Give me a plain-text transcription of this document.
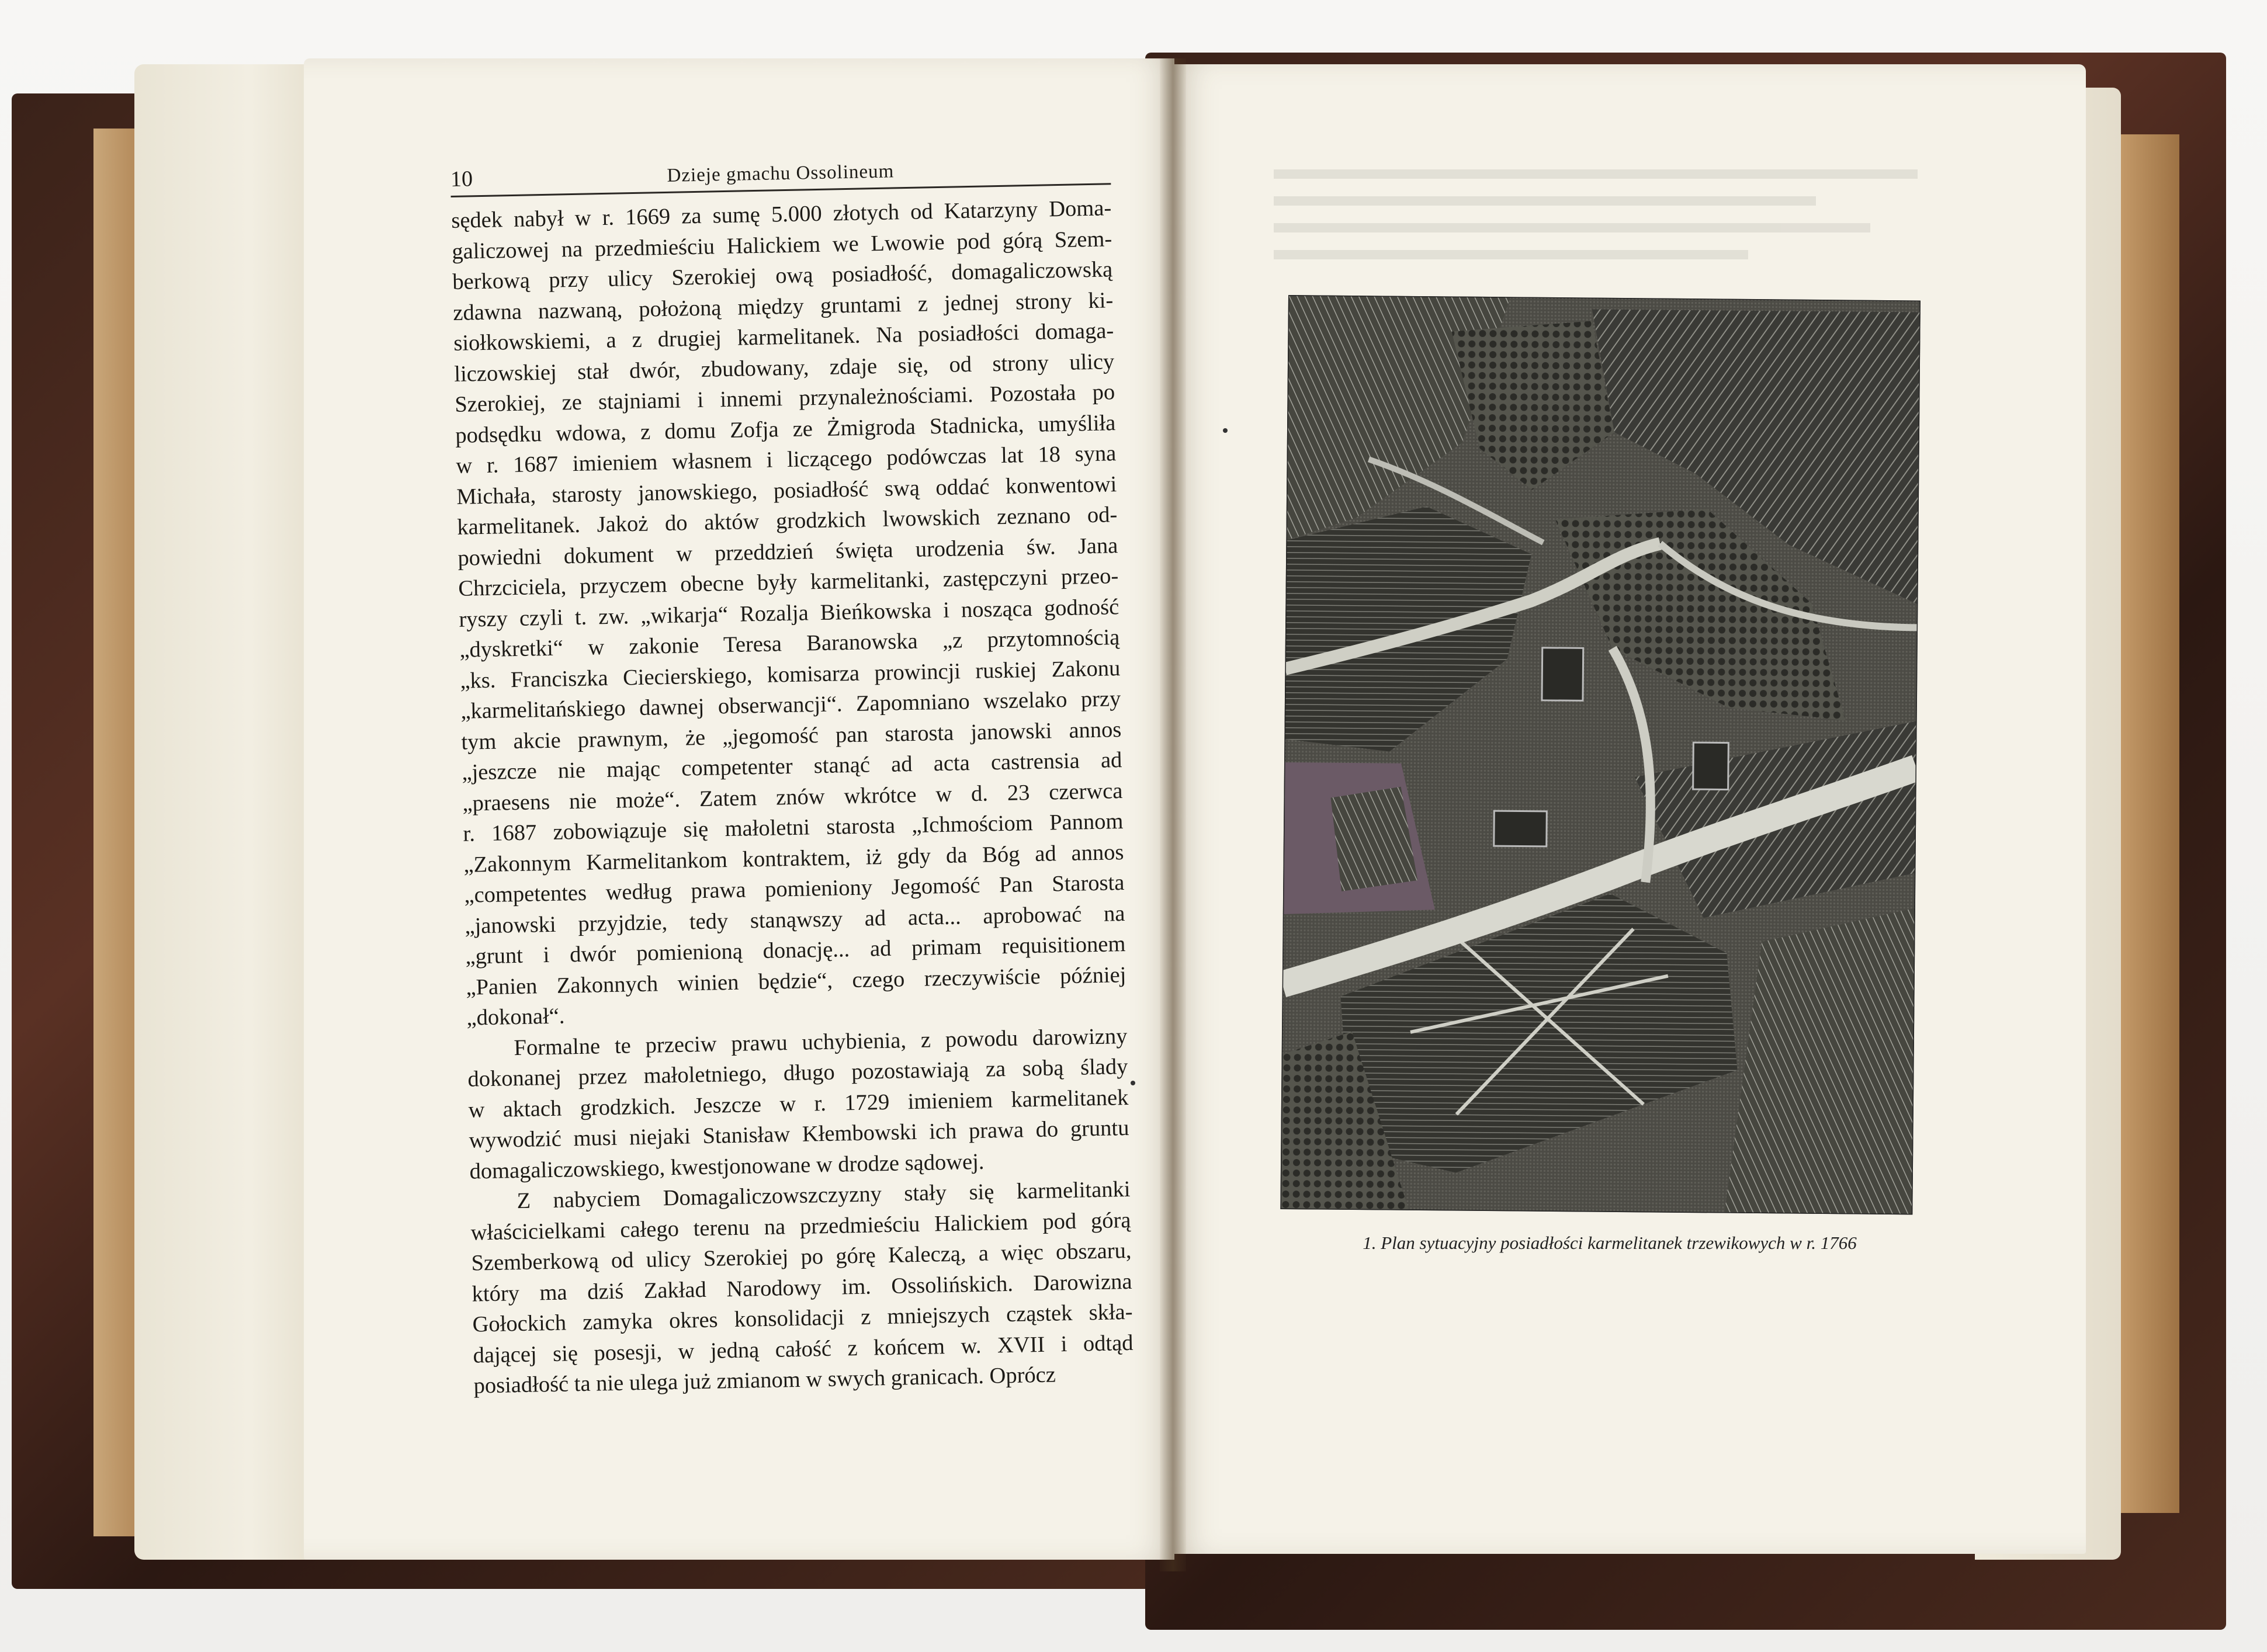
10	Dzieje gmachu Ossolineum
sędek nabył w r. 1669 za sumę 5.000 złotych od Katarzyny Doma-
galiczowej na przedmieściu Halickiem we Lwowie pod górą Szem-
berkową przy ulicy Szerokiej ową posiadłość, domagaliczowską
zdawna nazwaną, położoną między gruntami z jednej strony ki-
siołkowskiemi, a z drugiej karmelitanek. Na posiadłości domaga-
liczowskiej stał dwór, zbudowany, zdaje się, od strony ulicy
Szerokiej, ze stajniami i innemi przynależnościami. Pozostała po
podsędku wdowa, z domu Zofja ze Żmigroda Stadnicka, umyśliła
w r. 1687 imieniem własnem i liczącego podówczas lat 18 syna
Michała, starosty janowskiego, posiadłość swą oddać konwentowi
karmelitanek. Jakoż do aktów grodzkich lwowskich zeznano od-
powiedni dokument w przeddzień święta urodzenia św. Jana
Chrzciciela, przyczem obecne były karmelitanki, zastępczyni przeo-
ryszy czyli t. zw. „wikarja“ Rozalja Bieńkowska i nosząca godność
„dyskretki“ w zakonie Teresa Baranowska „z przytomnością
„ks. Franciszka Ciecierskiego, komisarza prowincji ruskiej Zakonu
„karmelitańskiego dawnej obserwancji“. Zapomniano wszelako przy
tym akcie prawnym, że „jegomość pan starosta janowski annos
„jeszcze nie mając competenter stanąć ad acta castrensia ad
„praesens nie może“. Zatem znów wkrótce w d. 23 czerwca
r. 1687 zobowiązuje się małoletni starosta „Ichmościom Pannom
„Zakonnym Karmelitankom kontraktem, iż gdy da Bóg ad annos
„competentes według prawa pomieniony Jegomość Pan Starosta
„janowski przyjdzie, tedy stanąwszy ad acta... aprobować na
„grunt i dwór pomienioną donację... ad primam requisitionem
„Panien Zakonnych winien będzie“, czego rzeczywiście później
„dokonał“.
Formalne te przeciw prawu uchybienia, z powodu darowizny
dokonanej przez małoletniego, długo pozostawiają za sobą ślady
w aktach grodzkich. Jeszcze w r. 1729 imieniem karmelitanek
wywodzić musi niejaki Stanisław Kłembowski ich prawa do gruntu
domagaliczowskiego, kwestjonowane w drodze sądowej.
Z nabyciem Domagaliczowszczyzny stały się karmelitanki
właścicielkami całego terenu na przedmieściu Halickiem pod górą
Szemberkową od ulicy Szerokiej po górę Kaleczą, a więc obszaru,
który ma dziś Zakład Narodowy im. Ossolińskich. Darowizna
Gołockich zamyka okres konsolidacji z mniejszych cząstek skła-
dającej się posesji, w jedną całość z końcem w. XVII i odtąd
posiadłość ta nie ulega już zmianom w swych granicach. Oprócz
1. Plan sytuacyjny posiadłości karmelitanek trzewikowych w r. 1766
